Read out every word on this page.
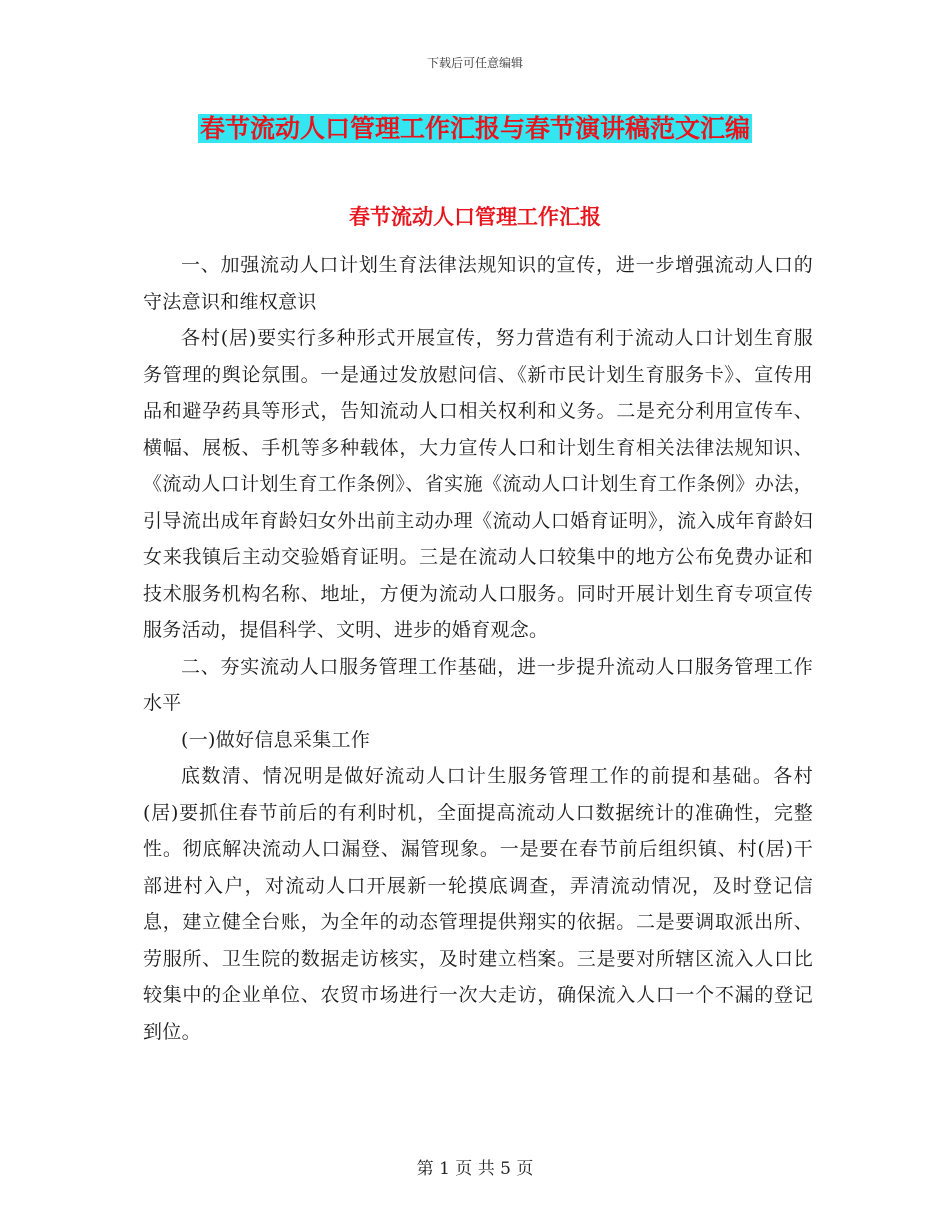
下载后可任意编辑
春节流动人口管理工作汇报与春节演讲稿范文汇编
春节流动人口管理工作汇报

一、加强流动人口计划生育法律法规知识的宣传，进一步增强流动人口的守法意识和维权意识

各村(居)要实行多种形式开展宣传，努力营造有利于流动人口计划生育服务管理的舆论氛围。一是通过发放慰问信、《新市民计划生育服务卡》、宣传用品和避孕药具等形式，告知流动人口相关权利和义务。二是充分利用宣传车、横幅、展板、手机等多种载体，大力宣传人口和计划生育相关法律法规知识、《流动人口计划生育工作条例》、省实施《流动人口计划生育工作条例》办法，引导流出成年育龄妇女外出前主动办理《流动人口婚育证明》，流入成年育龄妇女来我镇后主动交验婚育证明。三是在流动人口较集中的地方公布免费办证和技术服务机构名称、地址，方便为流动人口服务。同时开展计划生育专项宣传服务活动，提倡科学、文明、进步的婚育观念。

二、夯实流动人口服务管理工作基础，进一步提升流动人口服务管理工作水平

(一)做好信息采集工作

底数清、情况明是做好流动人口计生服务管理工作的前提和基础。各村(居)要抓住春节前后的有利时机，全面提高流动人口数据统计的准确性，完整性。彻底解决流动人口漏登、漏管现象。一是要在春节前后组织镇、村(居)干部进村入户，对流动人口开展新一轮摸底调查，弄清流动情况，及时登记信息，建立健全台账，为全年的动态管理提供翔实的依据。二是要调取派出所、劳服所、卫生院的数据走访核实，及时建立档案。三是要对所辖区流入人口比较集中的企业单位、农贸市场进行一次大走访，确保流入人口一个不漏的登记到位。

第 1 页 共 5 页
